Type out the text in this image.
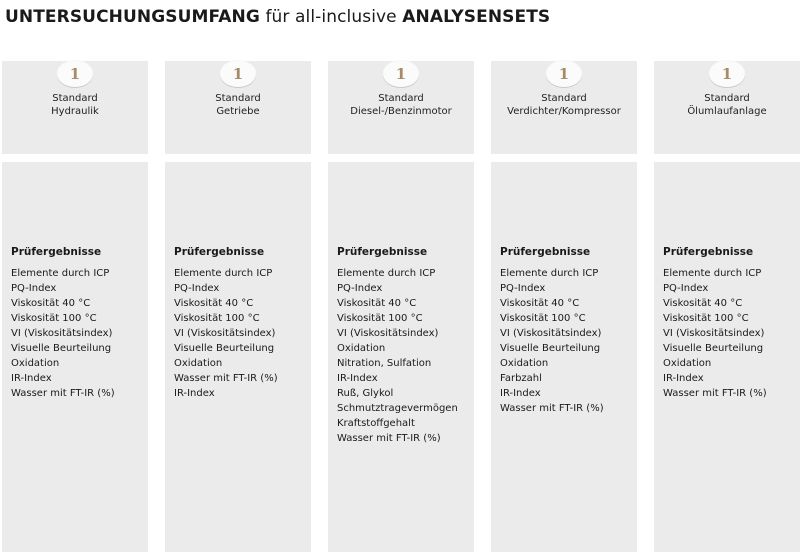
UNTERSUCHUNGSUMFANG für all-inclusive ANALYSENSETS
1
Standard
Hydraulik
Prüfergebnisse
Elemente durch ICP
PQ-Index
Viskosität 40 °C
Viskosität 100 °C
VI (Viskositätsindex)
Visuelle Beurteilung
Oxidation
IR-Index
Wasser mit FT-IR (%)
1
Standard
Getriebe
Prüfergebnisse
Elemente durch ICP
PQ-Index
Viskosität 40 °C
Viskosität 100 °C
VI (Viskositätsindex)
Visuelle Beurteilung
Oxidation
Wasser mit FT-IR (%)
IR-Index
1
Standard
Diesel-/Benzinmotor
Prüfergebnisse
Elemente durch ICP
PQ-Index
Viskosität 40 °C
Viskosität 100 °C
VI (Viskositätsindex)
Oxidation
Nitration, Sulfation
IR-Index
Ruß, Glykol
Schmutztragevermögen
Kraftstoffgehalt
Wasser mit FT-IR (%)
1
Standard
Verdichter/Kompressor
Prüfergebnisse
Elemente durch ICP
PQ-Index
Viskosität 40 °C
Viskosität 100 °C
VI (Viskositätsindex)
Visuelle Beurteilung
Oxidation
Farbzahl
IR-Index
Wasser mit FT-IR (%)
1
Standard
Ölumlaufanlage
Prüfergebnisse
Elemente durch ICP
PQ-Index
Viskosität 40 °C
Viskosität 100 °C
VI (Viskositätsindex)
Visuelle Beurteilung
Oxidation
IR-Index
Wasser mit FT-IR (%)
